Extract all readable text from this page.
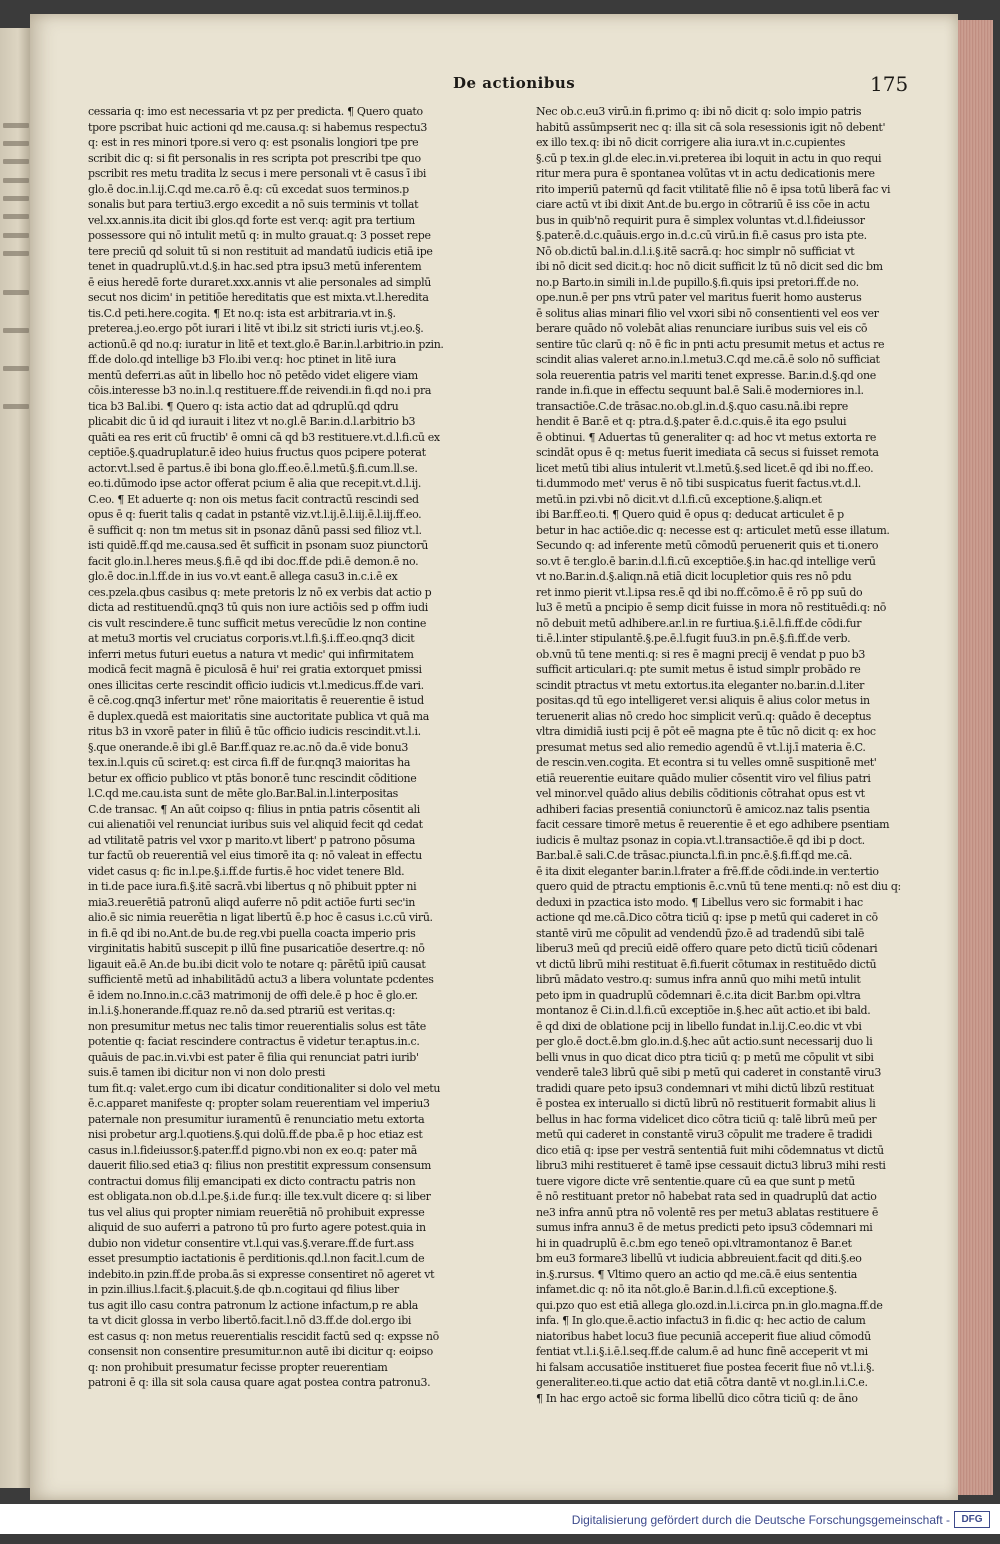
De actionibus	175
cessaria q: imo est necessaria vt pz per predicta. ¶ Quero quato
tpore pscribat huic actioni qd me.causa.q: si habemus respectu3
q: est in res minori tpore.si vero q: est psonalis longiori tpe pre
scribit dic q: si fit personalis in res scripta pot prescribi tpe quo
pscribit res metu tradita lz secus i mere personali vt ē casus ī ibi
glo.ē doc.in.l.ij.C.qd me.ca.rō ē.q: cū excedat suos terminos.p
sonalis but para tertiu3.ergo excedit a nō suis terminis vt tollat
vel.xx.annis.ita dicit ibi glos.qd forte est ver.q: agit pra tertium
possessore qui nō intulit metū q: in multo grauat.q: 3 posset repe
tere preciū qd soluit tū si non restituit ad mandatū iudicis etiā ipe
tenet in quadruplū.vt.d.§.in hac.sed ptra ipsu3 metū inferentem
ē eius heredē forte duraret.xxx.annis vt alie personales ad simplū
secut nos dicim' in petitiōe hereditatis que est mixta.vt.l.heredita
tis.C.d peti.here.cogita. ¶ Et no.q: ista est arbitraria.vt in.§.
preterea.j.eo.ergo pōt iurari i litē vt ibi.lz sit stricti iuris vt.j.eo.§.
actionū.ē qd no.q: iuratur in litē et text.glo.ē Bar.in.l.arbitrio.in pzin.
ff.de dolo.qd intellige b3 Flo.ibi ver.q: hoc ptinet in litē iura
mentū deferri.as aūt in libello hoc nō petēdo videt eligere viam
cōis.interesse b3 no.in.l.q restituere.ff.de reivendi.in fi.qd no.i pra
tica b3 Bal.ibi. ¶ Quero q: ista actio dat ad qdruplū.qd qdru
plicabit dic ū id qd iurauit i litez vt no.gl.ē Bar.in.d.l.arbitrio b3
quāti ea res erit cū fructib' ē omni cā qd b3 restituere.vt.d.l.fi.cū ex
ceptiōe.§.quadruplatur.ē ideo huius fructus quos pcipere poterat
actor.vt.l.sed ē partus.ē ibi bona glo.ff.eo.ē.l.metū.§.fi.cum.ll.se.
eo.ti.dūmodo ipse actor offerat pcium ē alia que recepit.vt.d.l.ij.
C.eo. ¶ Et aduerte q: non ois metus facit contractū rescindi sed
opus ē q: fuerit talis q cadat in pstantē viz.vt.l.ij.ē.l.iij.ē.l.iij.ff.eo.
ē sufficit q: non tm metus sit in psonaz dānū passi sed filioz vt.l.
isti quidē.ff.qd me.causa.sed ēt sufficit in psonam suoz piunctorū
facit glo.in.l.heres meus.§.fi.ē qd ibi doc.ff.de pdi.ē demon.ē no.
glo.ē doc.in.l.ff.de in ius vo.vt eant.ē allega casu3 in.c.i.ē ex
ces.pzela.qbus casibus q: mete pretoris lz nō ex verbis dat actio p
dicta ad restituendū.qnq3 tū quis non iure actiōis sed p offm iudi
cis vult rescindere.ē tunc sufficit metus verecūdie lz non contine
at metu3 mortis vel cruciatus corporis.vt.l.fi.§.i.ff.eo.qnq3 dicit
inferri metus futuri euetus a natura vt medic' qui infirmitatem
modicā fecit magnā ē piculosā ē hui' rei gratia extorquet pmissi
ones illicitas certe rescindit officio iudicis vt.l.medicus.ff.de vari.
ē cē.cog.qnq3 infertur met' rōne maioritatis ē reuerentie ē istud
ē duplex.quedā est maioritatis sine auctoritate publica vt quā ma
ritus b3 in vxorē pater in filiū ē tūc officio iudicis rescindit.vt.l.i.
§.que onerande.ē ibi gl.ē Bar.ff.quaz re.ac.nō da.ē vide bonu3
tex.in.l.quis cū sciret.q: est circa fi.ff de fur.qnq3 maioritas ha
betur ex officio publico vt ptās bonor.ē tunc rescindit cōditione
l.C.qd me.cau.ista sunt de mēte glo.Bar.Bal.in.l.interpositas
C.de transac. ¶ An aūt coipso q: filius in pntia patris cōsentit ali
cui alienatiōi vel renunciat iuribus suis vel aliquid fecit qd cedat
ad vtilitatē patris vel vxor p marito.vt libert' p patrono pōsuma
tur factū ob reuerentiā vel eius timorē ita q: nō valeat in effectu
videt casus q: fic in.l.pe.§.i.ff.de furtis.ē hoc videt tenere Bld.
in ti.de pace iura.fi.§.itē sacrā.vbi libertus q nō phibuit ppter ni
mia3.reuerētiā patronū aliqd auferre nō pdit actiōe furti sec'in
alio.ē sic nimia reuerētia n ligat libertū ē.p hoc ē casus i.c.cū virū.
in fi.ē qd ibi no.Ant.de bu.de reg.vbi puella coacta imperio pris
virginitatis habitū suscepit p illū fine pusaricatiōe desertre.q: nō
ligauit eā.ē An.de bu.ibi dicit volo te notare q: pārētū ipiū causat
sufficientē metū ad inhabilitādū actu3 a libera voluntate pcdentes
ē idem no.Inno.in.c.cā3 matrimonij de offi dele.ē p hoc ē glo.er.
in.l.i.§.honerande.ff.quaz re.nō da.sed ptrariū est veritas.q:
non presumitur metus nec talis timor reuerentialis solus est tāte
potentie q: faciat rescindere contractus ē videtur ter.aptus.in.c.
quāuis de pac.in.vi.vbi est pater ē filia qui renunciat patri iurib'
suis.ē tamen ibi dicitur non vi non dolo presti
tum fit.q: valet.ergo cum ibi dicatur conditionaliter si dolo vel metu
ē.c.apparet manifeste q: propter solam reuerentiam vel imperiu3
paternale non presumitur iuramentū ē renunciatio metu extorta
nisi probetur arg.l.quotiens.§.qui dolū.ff.de pba.ē p hoc etiaz est
casus in.l.fideiussor.§.pater.ff.d pigno.vbi non ex eo.q: pater mā
dauerit filio.sed etia3 q: filius non prestitit expressum consensum
contractui domus filij emancipati ex dicto contractu patris non
est obligata.non ob.d.l.pe.§.i.de fur.q: ille tex.vult dicere q: si liber
tus vel alius qui propter nimiam reuerētiā nō prohibuit expresse
aliquid de suo auferri a patrono tū pro furto agere potest.quia in
dubio non videtur consentire vt.l.qui vas.§.verare.ff.de furt.ass
esset presumptio iactationis ē perditionis.qd.l.non facit.l.cum de
indebito.in pzin.ff.de proba.ās si expresse consentiret nō ageret vt
in pzin.illius.l.facit.§.placuit.§.de qb.n.cogitaui qd filius liber
tus agit illo casu contra patronum lz actione infactum,p re abla
ta vt dicit glossa in verbo libertō.facit.l.nō d3.ff.de dol.ergo ibi
est casus q: non metus reuerentialis rescidit factū sed q: expsse nō
consensit non consentire presumitur.non autē ibi dicitur q: eoipso
q: non prohibuit presumatur fecisse propter reuerentiam
patroni ē q: illa sit sola causa quare agat postea contra patronu3.
Nec ob.c.eu3 virū.in fi.primo q: ibi nō dicit q: solo impio patris
habitū assūmpserit nec q: illa sit cā sola resessionis igit nō debent'
ex illo tex.q: ibi nō dicit corrigere alia iura.vt in.c.cupientes
§.cū p tex.in gl.de elec.in.vi.preterea ibi loquit in actu in quo requi
ritur mera pura ē spontanea volūtas vt in actu dedicationis mere
rito imperiū paternū qd facit vtilitatē filie nō ē ipsa totū liberā fac vi
ciare actū vt ibi dixit Ant.de bu.ergo in cōtrariū ē iss cōe in actu
bus in quib'nō requirit pura ē simplex voluntas vt.d.l.fideiussor
§.pater.ē.d.c.quāuis.ergo in.d.c.cū virū.in fi.ē casus pro ista pte.
Nō ob.dictū bal.in.d.l.i.§.itē sacrā.q: hoc simplr nō sufficiat vt
ibi nō dicit sed dicit.q: hoc nō dicit sufficit lz tū nō dicit sed dic bm
no.p Barto.in simili in.l.de pupillo.§.fi.quis ipsi pretori.ff.de no.
ope.nun.ē per pns vtrū pater vel maritus fuerit homo austerus
ē solitus alias minari filio vel vxori sibi nō consentienti vel eos ver
berare quādo nō volebāt alias renunciare iuribus suis vel eis cō
sentire tūc clarū q: nō ē fic in pnti actu presumit metus et actus re
scindit alias valeret ar.no.in.l.metu3.C.qd me.cā.ē solo nō sufficiat
sola reuerentia patris vel mariti tenet expresse. Bar.in.d.§.qd one
rande in.fi.que in effectu sequunt bal.ē Sali.ē moderniores in.l.
transactiōe.C.de trāsac.no.ob.gl.in.d.§.quo casu.nā.ibi repre
hendit ē Bar.ē et q: ptra.d.§.pater ē.d.c.quis.ē ita ego psului
ē obtinui. ¶ Aduertas tū generaliter q: ad hoc vt metus extorta re
scindāt opus ē q: metus fuerit imediata cā secus si fuisset remota
licet metū tibi alius intulerit vt.l.metū.§.sed licet.ē qd ibi no.ff.eo.
ti.dummodo met' verus ē nō tibi suspicatus fuerit factus.vt.d.l.
metū.in pzi.vbi nō dicit.vt d.l.fi.cū exceptione.§.aliqn.et
ibi Bar.ff.eo.ti. ¶ Quero quid ē opus q: deducat articulet ē p
betur in hac actiōe.dic q: necesse est q: articulet metū esse illatum.
Secundo q: ad inferente metū cōmodū peruenerit quis et ti.onero
so.vt ē ter.glo.ē bar.in.d.l.fi.cū exceptiōe.§.in hac.qd intellige verū
vt no.Bar.in.d.§.aliqn.nā etiā dicit locupletior quis res nō pdu
ret inmo pierit vt.l.ipsa res.ē qd ibi no.ff.cōmo.ē ē rō pp suū do
lu3 ē metū a pncipio ē semp dicit fuisse in mora nō restituēdi.q: nō
nō debuit metū adhibere.ar.l.in re furtiua.§.i.ē.l.fi.ff.de cōdi.fur
ti.ē.l.inter stipulantē.§.pe.ē.l.fugit fuu3.in pn.ē.§.fi.ff.de verb.
ob.vnū tū tene menti.q: si res ē magni precij ē vendat p puo b3
sufficit articulari.q: pte sumit metus ē istud simplr probādo re
scindit ptractus vt metu extortus.ita eleganter no.bar.in.d.l.iter
positas.qd tū ego intelligeret ver.si aliquis ē alius color metus in
teruenerit alias nō credo hoc simplicit verū.q: quādo ē deceptus
vltra dimidiā iusti pcij ē pōt eē magna pte ē tūc nō dicit q: ex hoc
presumat metus sed alio remedio agendū ē vt.l.ij.ī materia ē.C.
de rescin.ven.cogita. Et econtra si tu velles omnē suspitionē met'
etiā reuerentie euitare quādo mulier cōsentit viro vel filius patri
vel minor.vel quādo alius debilis cōditionis cōtrahat opus est vt
adhiberi facias presentiā coniunctorū ē amicoz.naz talis psentia
facit cessare timorē metus ē reuerentie ē et ego adhibere psentiam
iudicis ē multaz psonaz in copia.vt.l.transactiōe.ē qd ibi p doct.
Bar.bal.ē sali.C.de trāsac.piuncta.l.fi.in pnc.ē.§.fi.ff.qd me.cā.
ē ita dixit eleganter bar.in.l.frater a frē.ff.de cōdi.inde.in ver.tertio
quero quid de ptractu emptionis ē.c.vnū tū tene menti.q: nō est diu q:
deduxi in pzactica isto modo. ¶ Libellus vero sic formabit i hac
actione qd me.cā.Dico cōtra ticiū q: ipse p metū qui caderet in cō
stantē virū me cōpulit ad vendendū p̄zo.ē ad tradendū sibi talē
liberu3 meū qd preciū eidē offero quare peto dictū ticiū cōdenari
vt dictū librū mihi restituat ē.fi.fuerit cōtumax in restituēdo dictū
librū mādato vestro.q: sumus infra annū quo mihi metū intulit
peto ipm in quadruplū cōdemnari ē.c.ita dicit Bar.bm opi.vltra
montanoz ē Ci.in.d.l.fi.cū exceptiōe in.§.hec aūt actio.et ibi bald.
ē qd dixi de oblatione pcij in libello fundat in.l.ij.C.eo.dic vt vbi
per glo.ē doct.ē.bm glo.in.d.§.hec aūt actio.sunt necessarij duo li
belli vnus in quo dicat dico ptra ticiū q: p metū me cōpulit vt sibi
venderē tale3 librū quē sibi p metū qui caderet in constantē viru3
tradidi quare peto ipsu3 condemnari vt mihi dictū libzū restituat
ē postea ex interuallo si dictū librū nō restituerit formabit alius li
bellus in hac forma videlicet dico cōtra ticiū q: talē librū meū per
metū qui caderet in constantē viru3 cōpulit me tradere ē tradidi
dico etiā q: ipse per vestrā sententiā fuit mihi cōdemnatus vt dictū
libru3 mihi restitueret ē tamē ipse cessauit dictu3 libru3 mihi resti
tuere vigore dicte vrē sententie.quare cū ea que sunt p metū
ē nō restituant pretor nō habebat rata sed in quadruplū dat actio
ne3 infra annū ptra nō volentē res per metu3 ablatas restituere ē
sumus infra annu3 ē de metus predicti peto ipsu3 cōdemnari mi
hi in quadruplū ē.c.bm ego teneō opi.vltramontanoz ē Bar.et
bm eu3 formare3 libellū vt iudicia abbreuient.facit qd diti.§.eo
in.§.rursus. ¶ Vltimo quero an actio qd me.cā.ē eius sententia
infamet.dic q: nō ita nōt.glo.ē Bar.in.d.l.fi.cū exceptione.§.
qui.pzo quo est etiā allega glo.ozd.in.l.i.circa pn.in glo.magna.ff.de
infa. ¶ In glo.que.ē.actio infactu3 in fi.dic q: hec actio de calum
niatoribus habet locu3 fiue pecuniā acceperit fiue aliud cōmodū
fentiat vt.l.i.§.i.ē.l.seq.ff.de calum.ē ad hunc finē acceperit vt mi
hi falsam accusatiōe institueret fiue postea fecerit fiue nō vt.l.i.§.
generaliter.eo.ti.que actio dat etiā cōtra dantē vt no.gl.in.l.i.C.e.
¶ In hac ergo actoē sic forma libellū dico cōtra ticiū q: de āno
Digitalisierung gefördert durch die Deutsche Forschungsgemeinschaft -	DFG
